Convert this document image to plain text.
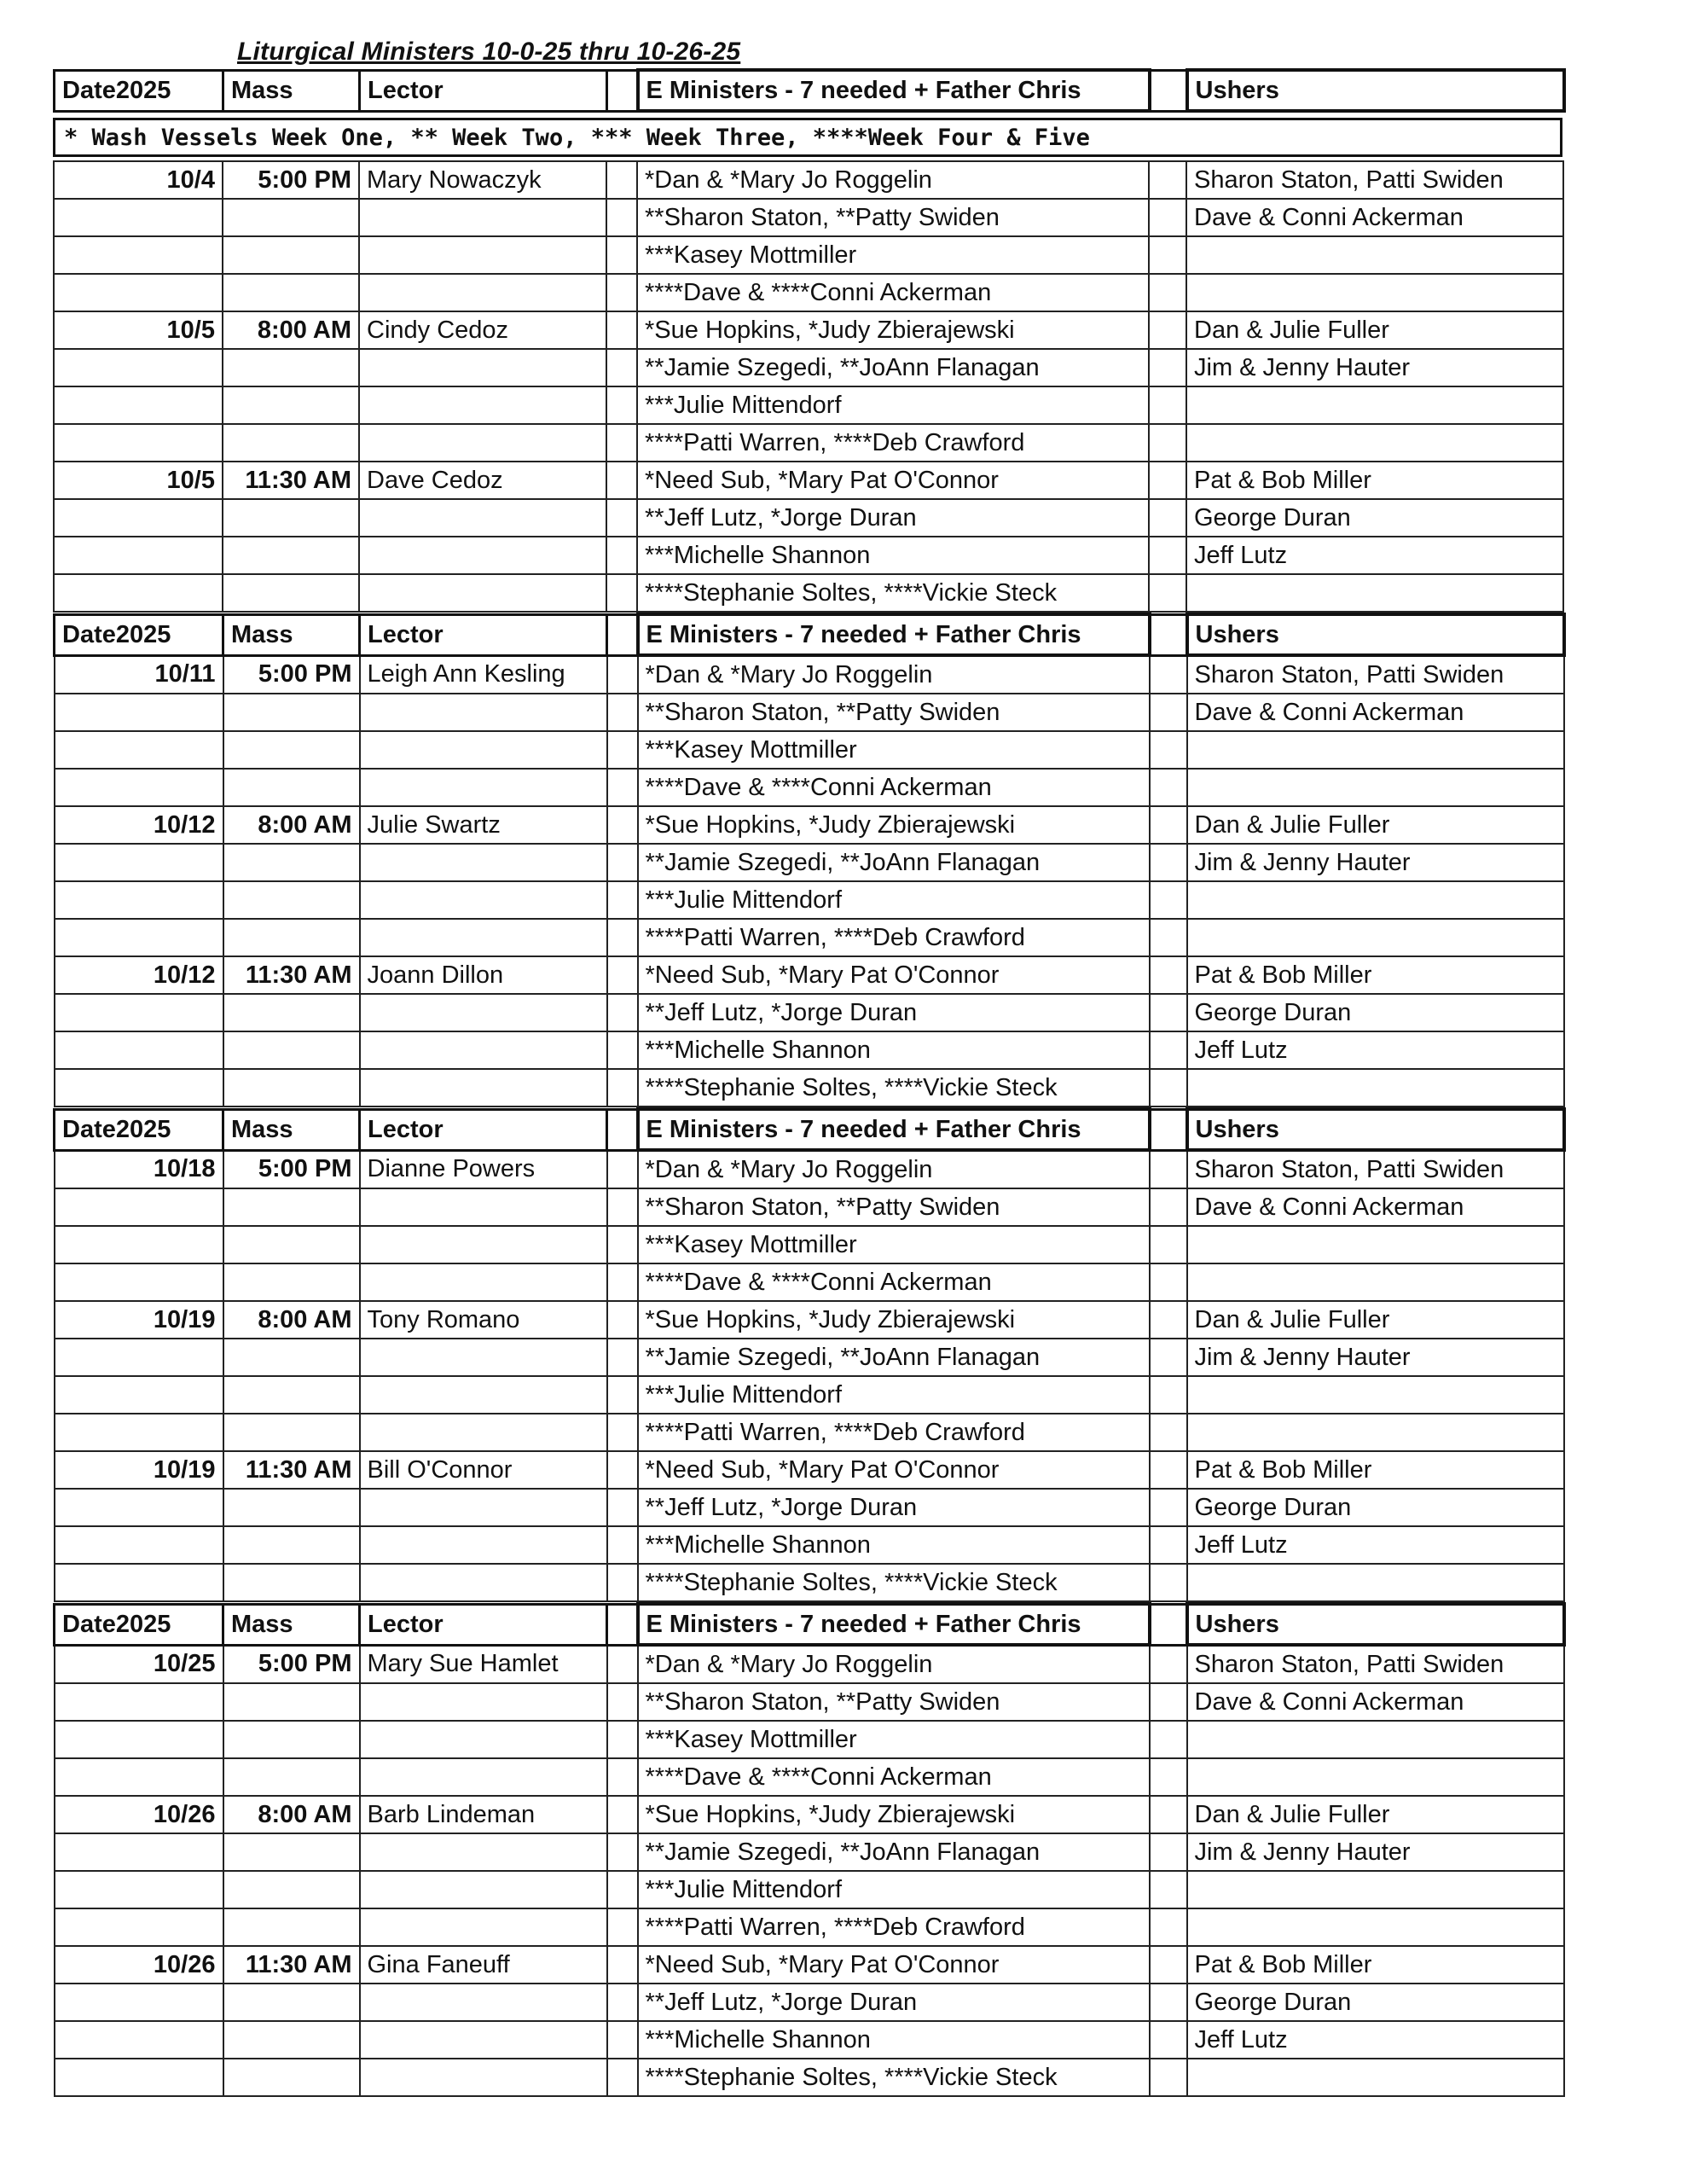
Liturgical Ministers 10-0-25 thru 10-26-25
Date2025	Mass	Lector		E Ministers - 7 needed + Father Chris		Ushers
* Wash Vessels Week One, ** Week Two, *** Week Three, ****Week Four & Five
10/4	5:00 PM	Mary Nowaczyk		*Dan & *Mary Jo Roggelin		Sharon Staton, Patti Swiden
				**Sharon Staton, **Patty Swiden		Dave & Conni Ackerman
				***Kasey Mottmiller		
				****Dave & ****Conni Ackerman		
10/5	8:00 AM	Cindy Cedoz		*Sue Hopkins, *Judy Zbierajewski		Dan & Julie Fuller
				**Jamie Szegedi, **JoAnn Flanagan		Jim & Jenny Hauter
				***Julie Mittendorf		
				****Patti Warren, ****Deb Crawford		
10/5	11:30 AM	Dave Cedoz		*Need Sub, *Mary Pat O'Connor		Pat & Bob Miller
				**Jeff Lutz, *Jorge Duran		George Duran
				***Michelle Shannon		Jeff Lutz
				****Stephanie Soltes, ****Vickie Steck		
Date2025	Mass	Lector		E Ministers - 7 needed + Father Chris		Ushers
10/11	5:00 PM	Leigh Ann Kesling		*Dan & *Mary Jo Roggelin		Sharon Staton, Patti Swiden
				**Sharon Staton, **Patty Swiden		Dave & Conni Ackerman
				***Kasey Mottmiller		
				****Dave & ****Conni Ackerman		
10/12	8:00 AM	Julie Swartz		*Sue Hopkins, *Judy Zbierajewski		Dan & Julie Fuller
				**Jamie Szegedi, **JoAnn Flanagan		Jim & Jenny Hauter
				***Julie Mittendorf		
				****Patti Warren, ****Deb Crawford		
10/12	11:30 AM	Joann Dillon		*Need Sub, *Mary Pat O'Connor		Pat & Bob Miller
				**Jeff Lutz, *Jorge Duran		George Duran
				***Michelle Shannon		Jeff Lutz
				****Stephanie Soltes, ****Vickie Steck		
Date2025	Mass	Lector		E Ministers - 7 needed + Father Chris		Ushers
10/18	5:00 PM	Dianne Powers		*Dan & *Mary Jo Roggelin		Sharon Staton, Patti Swiden
				**Sharon Staton, **Patty Swiden		Dave & Conni Ackerman
				***Kasey Mottmiller		
				****Dave & ****Conni Ackerman		
10/19	8:00 AM	Tony Romano		*Sue Hopkins, *Judy Zbierajewski		Dan & Julie Fuller
				**Jamie Szegedi, **JoAnn Flanagan		Jim & Jenny Hauter
				***Julie Mittendorf		
				****Patti Warren, ****Deb Crawford		
10/19	11:30 AM	Bill O'Connor		*Need Sub, *Mary Pat O'Connor		Pat & Bob Miller
				**Jeff Lutz, *Jorge Duran		George Duran
				***Michelle Shannon		Jeff Lutz
				****Stephanie Soltes, ****Vickie Steck		
Date2025	Mass	Lector		E Ministers - 7 needed + Father Chris		Ushers
10/25	5:00 PM	Mary Sue Hamlet		*Dan & *Mary Jo Roggelin		Sharon Staton, Patti Swiden
				**Sharon Staton, **Patty Swiden		Dave & Conni Ackerman
				***Kasey Mottmiller		
				****Dave & ****Conni Ackerman		
10/26	8:00 AM	Barb Lindeman		*Sue Hopkins, *Judy Zbierajewski		Dan & Julie Fuller
				**Jamie Szegedi, **JoAnn Flanagan		Jim & Jenny Hauter
				***Julie Mittendorf		
				****Patti Warren, ****Deb Crawford		
10/26	11:30 AM	Gina Faneuff		*Need Sub, *Mary Pat O'Connor		Pat & Bob Miller
				**Jeff Lutz, *Jorge Duran		George Duran
				***Michelle Shannon		Jeff Lutz
				****Stephanie Soltes, ****Vickie Steck		
